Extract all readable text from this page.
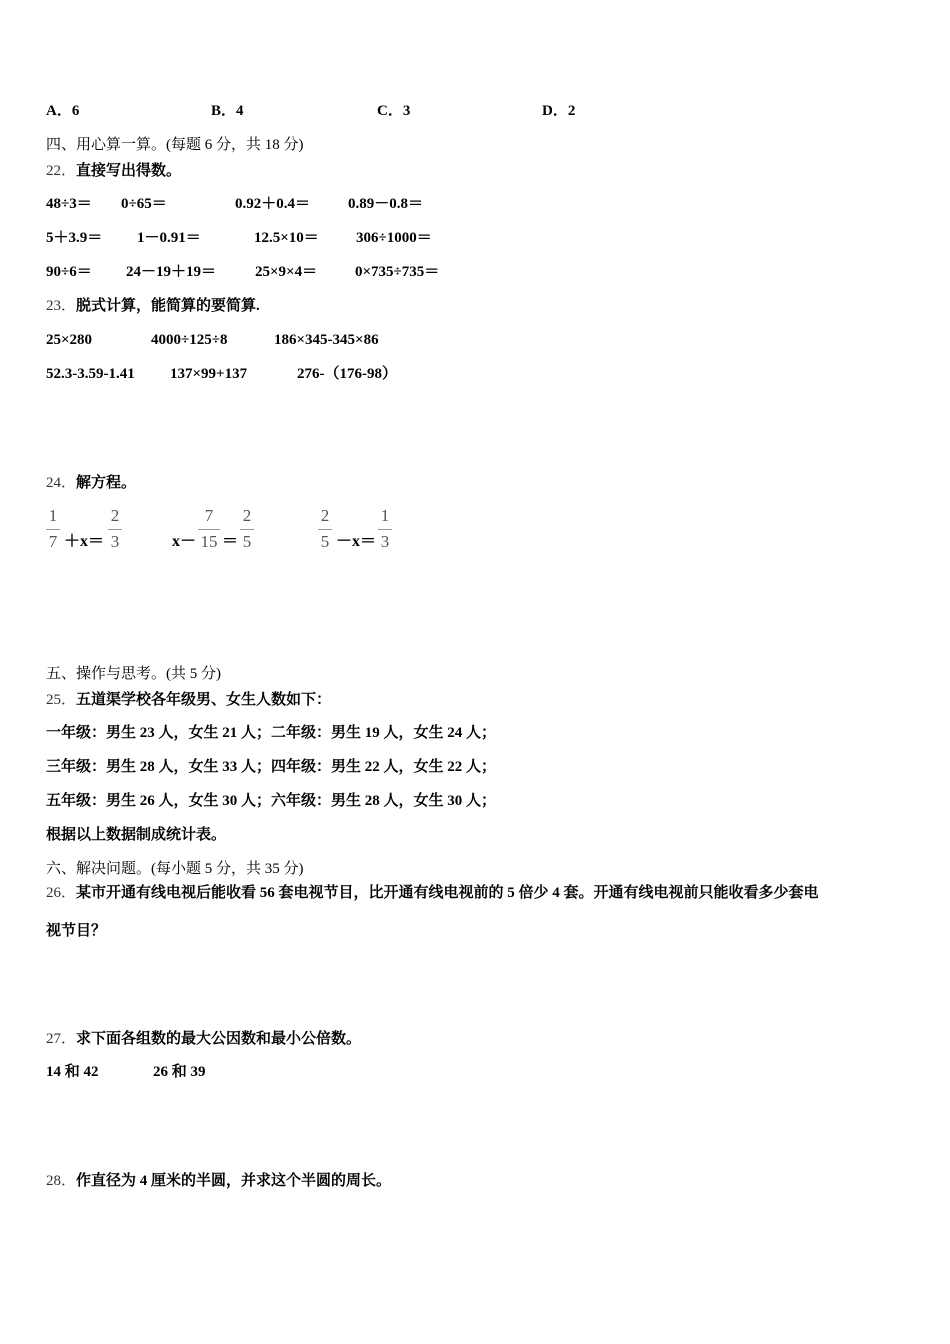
A．6	B．4	C．3	D．2
四、用心算一算。(每题 6 分，共 18 分)
22．直接写出得数。
48÷3＝ 0÷65＝	0.92＋0.4＝	0.89－0.8＝
5＋3.9＝ 1－0.91＝	12.5×10＝ 306÷1000＝
90÷6＝ 24－19＋19＝	25×9×4＝	0×735÷735＝
23．脱式计算，能简算的要简算.
25×280	4000÷125÷8	186×345-345×86
52.3-3.59-1.41 137×99+137	276-（176-98）
24．解方程。
1
7 ＋x＝
2
3	x－
7
15 ＝
2
5
2
5 －x＝
1
3
五、操作与思考。(共 5 分)
25．五道渠学校各年级男、女生人数如下：
一年级：男生 23 人，女生 21 人；二年级：男生 19 人，女生 24 人；
三年级：男生 28 人，女生 33 人；四年级：男生 22 人，女生 22 人；
五年级：男生 26 人，女生 30 人；六年级：男生 28 人，女生 30 人；
根据以上数据制成统计表。
六、解决问题。(每小题 5 分，共 35 分)
26．某市开通有线电视后能收看 56 套电视节目，比开通有线电视前的 5 倍少 4 套。开通有线电视前只能收看多少套电
视节目？
27．求下面各组数的最大公因数和最小公倍数。
14 和 42	26 和 39
28．作直径为 4 厘米的半圆，并求这个半圆的周长。
